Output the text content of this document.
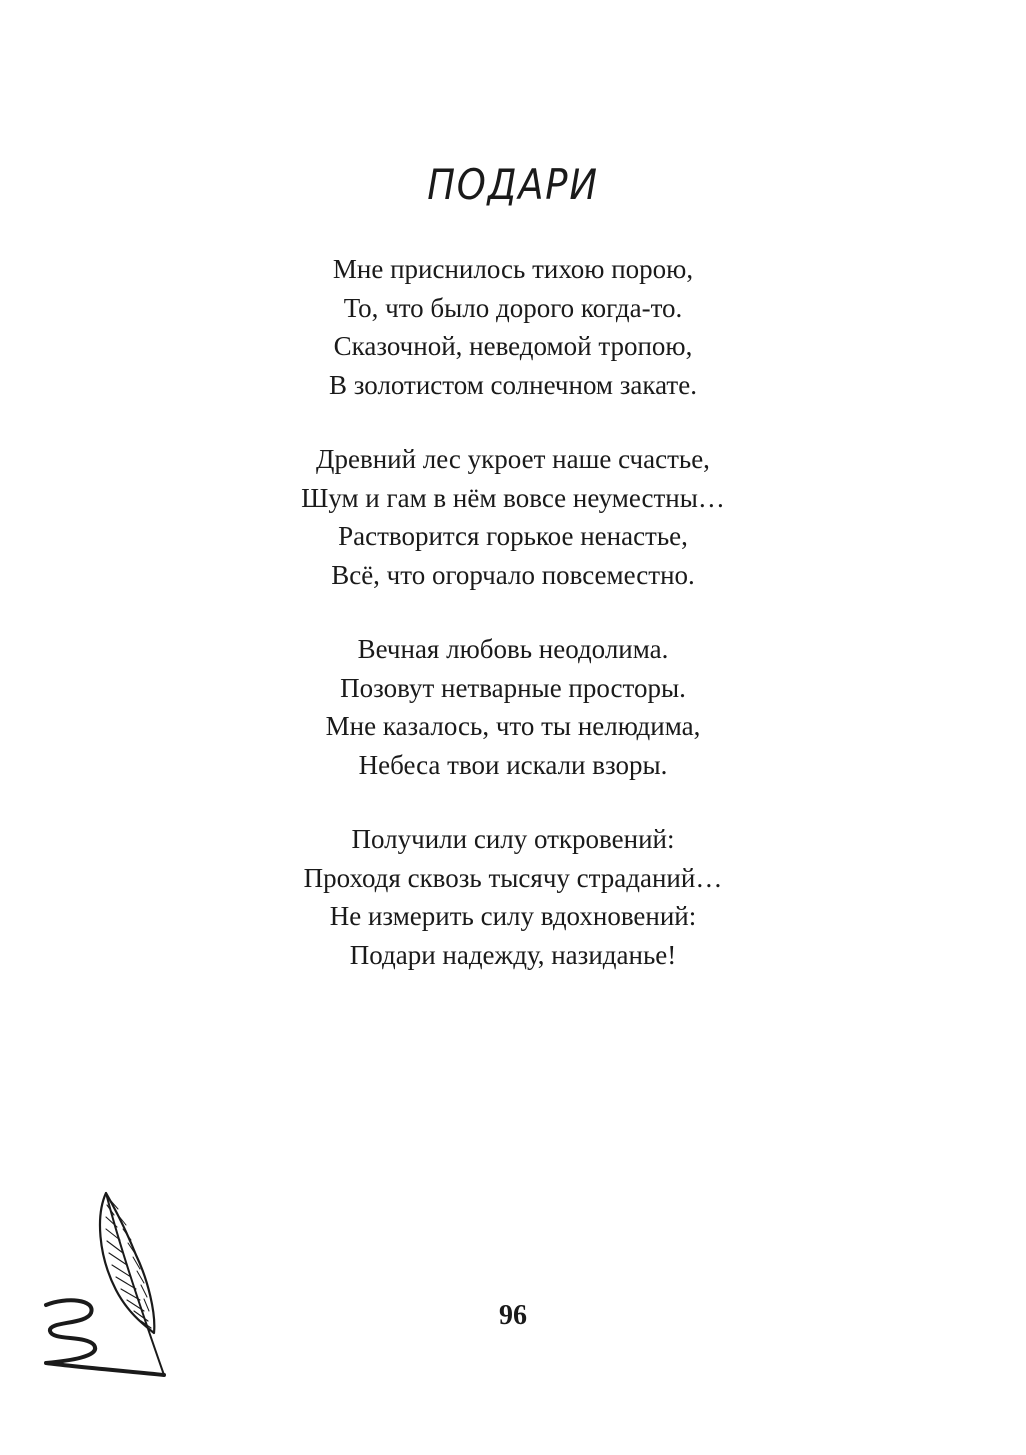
ПОДАРИ

Мне приснилось тихою порою,
То, что было дорого когда-то.
Сказочной, неведомой тропою,
В золотистом солнечном закате.

Древний лес укроет наше счастье,
Шум и гам в нём вовсе неуместны…
Растворится горькое ненастье,
Всё, что огорчало повсеместно.

Вечная любовь неодолима.
Позовут нетварные просторы.
Мне казалось, что ты нелюдима,
Небеса твои искали взоры.

Получили силу откровений:
Проходя сквозь тысячу страданий…
Не измерить силу вдохновений:
Подари надежду, назиданье!

96
